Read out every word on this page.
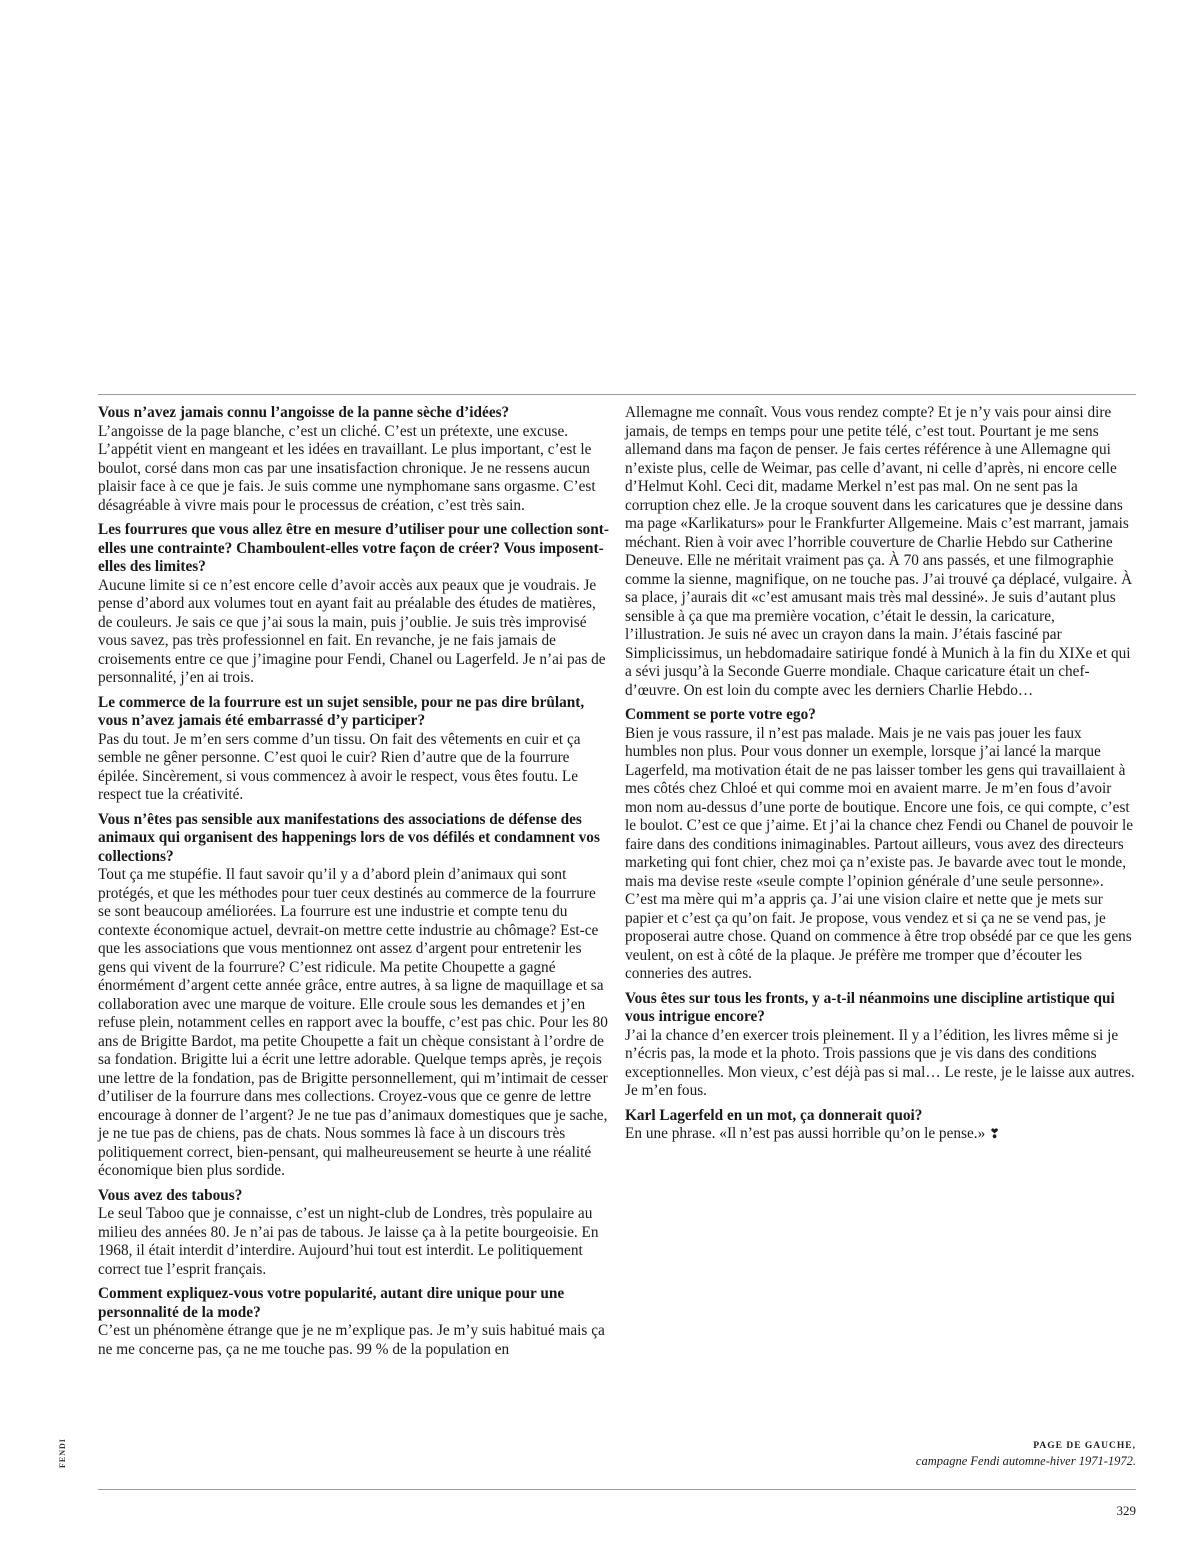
Vous n’avez jamais connu l’angoisse de la panne sèche d’idées?

L’angoisse de la page blanche, c’est un cliché. C’est un prétexte, une excuse. L’appétit vient en mangeant et les idées en travaillant. Le plus important, c’est le boulot, corsé dans mon cas par une insatisfaction chronique. Je ne ressens aucun plaisir face à ce que je fais. Je suis comme une nymphomane sans orgasme. C’est désagréable à vivre mais pour le processus de création, c’est très sain.

Les fourrures que vous allez être en mesure d’utiliser pour une collection sont-elles une contrainte? Chamboulent-elles votre façon de créer? Vous imposent-elles des limites?

Aucune limite si ce n’est encore celle d’avoir accès aux peaux que je voudrais. Je pense d’abord aux volumes tout en ayant fait au préalable des études de matières, de couleurs. Je sais ce que j’ai sous la main, puis j’oublie. Je suis très improvisé vous savez, pas très professionnel en fait. En revanche, je ne fais jamais de croisements entre ce que j’imagine pour Fendi, Chanel ou Lagerfeld. Je n’ai pas de personnalité, j’en ai trois.

Le commerce de la fourrure est un sujet sensible, pour ne pas dire brûlant, vous n’avez jamais été embarrassé d’y participer?

Pas du tout. Je m’en sers comme d’un tissu. On fait des vêtements en cuir et ça semble ne gêner personne. C’est quoi le cuir? Rien d’autre que de la fourrure épilée. Sincèrement, si vous commencez à avoir le respect, vous êtes foutu. Le respect tue la créativité.

Vous n’êtes pas sensible aux manifestations des associations de défense des animaux qui organisent des happenings lors de vos défilés et condamnent vos collections?

Tout ça me stupéfie. Il faut savoir qu’il y a d’abord plein d’animaux qui sont protégés, et que les méthodes pour tuer ceux destinés au commerce de la fourrure se sont beaucoup améliorées. La fourrure est une industrie et compte tenu du contexte économique actuel, devrait-on mettre cette industrie au chômage? Est-ce que les associations que vous mentionnez ont assez d’argent pour entretenir les gens qui vivent de la fourrure? C’est ridicule. Ma petite Choupette a gagné énormément d’argent cette année grâce, entre autres, à sa ligne de maquillage et sa collaboration avec une marque de voiture. Elle croule sous les demandes et j’en refuse plein, notamment celles en rapport avec la bouffe, c’est pas chic. Pour les 80 ans de Brigitte Bardot, ma petite Choupette a fait un chèque consistant à l’ordre de sa fondation. Brigitte lui a écrit une lettre adorable. Quelque temps après, je reçois une lettre de la fondation, pas de Brigitte personnellement, qui m’intimait de cesser d’utiliser de la fourrure dans mes collections. Croyez-vous que ce genre de lettre encourage à donner de l’argent? Je ne tue pas d’animaux domestiques que je sache, je ne tue pas de chiens, pas de chats. Nous sommes là face à un discours très politiquement correct, bien-pensant, qui malheureusement se heurte à une réalité économique bien plus sordide.

Vous avez des tabous?

Le seul Taboo que je connaisse, c’est un night-club de Londres, très populaire au milieu des années 80. Je n’ai pas de tabous. Je laisse ça à la petite bourgeoisie. En 1968, il était interdit d’interdire. Aujourd’hui tout est interdit. Le politiquement correct tue l’esprit français.

Comment expliquez-vous votre popularité, autant dire unique pour une personnalité de la mode?

C’est un phénomène étrange que je ne m’explique pas. Je m’y suis habitué mais ça ne me concerne pas, ça ne me touche pas. 99 % de la population en

Allemagne me connaît. Vous vous rendez compte? Et je n’y vais pour ainsi dire jamais, de temps en temps pour une petite télé, c’est tout. Pourtant je me sens allemand dans ma façon de penser. Je fais certes référence à une Allemagne qui n’existe plus, celle de Weimar, pas celle d’avant, ni celle d’après, ni encore celle d’Helmut Kohl. Ceci dit, madame Merkel n’est pas mal. On ne sent pas la corruption chez elle. Je la croque souvent dans les caricatures que je dessine dans ma page «Karlikaturs» pour le Frankfurter Allgemeine. Mais c’est marrant, jamais méchant. Rien à voir avec l’horrible couverture de Charlie Hebdo sur Catherine Deneuve. Elle ne méritait vraiment pas ça. À 70 ans passés, et une filmographie comme la sienne, magnifique, on ne touche pas. J’ai trouvé ça déplacé, vulgaire. À sa place, j’aurais dit «c’est amusant mais très mal dessiné». Je suis d’autant plus sensible à ça que ma première vocation, c’était le dessin, la caricature, l’illustration. Je suis né avec un crayon dans la main. J’étais fasciné par Simplicissimus, un hebdomadaire satirique fondé à Munich à la fin du XIXe et qui a sévi jusqu’à la Seconde Guerre mondiale. Chaque caricature était un chef-d’œuvre. On est loin du compte avec les derniers Charlie Hebdo…

Comment se porte votre ego?

Bien je vous rassure, il n’est pas malade. Mais je ne vais pas jouer les faux humbles non plus. Pour vous donner un exemple, lorsque j’ai lancé la marque Lagerfeld, ma motivation était de ne pas laisser tomber les gens qui travaillaient à mes côtés chez Chloé et qui comme moi en avaient marre. Je m’en fous d’avoir mon nom au-dessus d’une porte de boutique. Encore une fois, ce qui compte, c’est le boulot. C’est ce que j’aime. Et j’ai la chance chez Fendi ou Chanel de pouvoir le faire dans des conditions inimaginables. Partout ailleurs, vous avez des directeurs marketing qui font chier, chez moi ça n’existe pas. Je bavarde avec tout le monde, mais ma devise reste «seule compte l’opinion générale d’une seule personne». C’est ma mère qui m’a appris ça. J’ai une vision claire et nette que je mets sur papier et c’est ça qu’on fait. Je propose, vous vendez et si ça ne se vend pas, je proposerai autre chose. Quand on commence à être trop obsédé par ce que les gens veulent, on est à côté de la plaque. Je préfère me tromper que d’écouter les conneries des autres.

Vous êtes sur tous les fronts, y a-t-il néanmoins une discipline artistique qui vous intrigue encore?

J’ai la chance d’en exercer trois pleinement. Il y a l’édition, les livres même si je n’écris pas, la mode et la photo. Trois passions que je vis dans des conditions exceptionnelles. Mon vieux, c’est déjà pas si mal… Le reste, je le laisse aux autres. Je m’en fous.

Karl Lagerfeld en un mot, ça donnerait quoi?

En une phrase. «Il n’est pas aussi horrible qu’on le pense.» ❣

FENDI	PAGE DE GAUCHE,
campagne Fendi automne-hiver 1971-1972.
329
